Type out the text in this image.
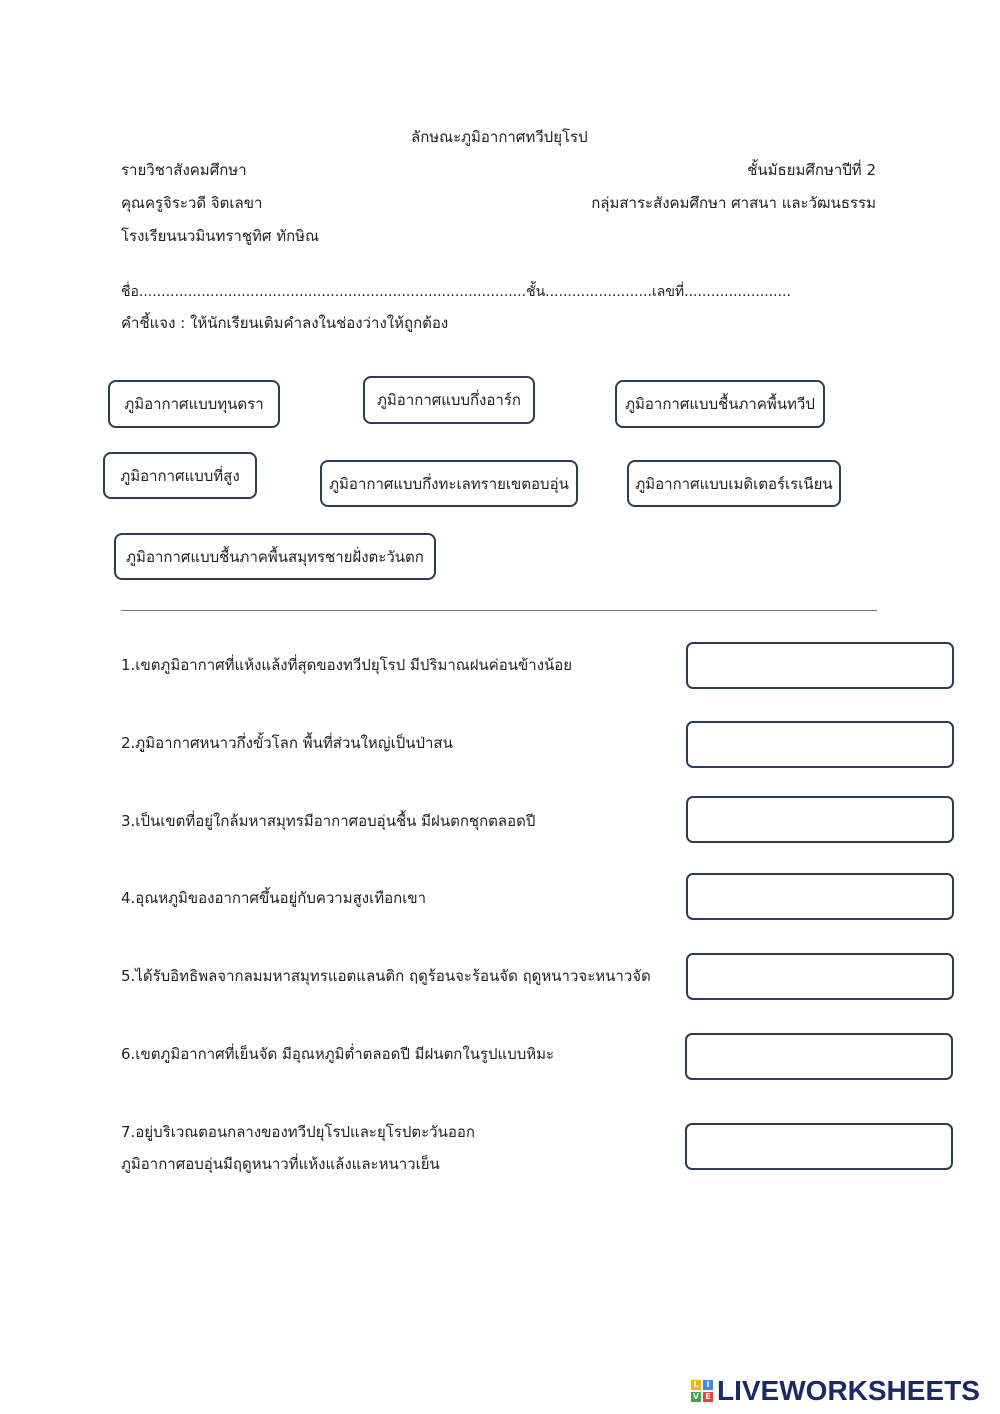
ลักษณะภูมิอากาศทวีปยุโรป
รายวิชาสังคมศึกษา	ชั้นมัธยมศึกษาปีที่ 2
คุณครูจิระวดี จิตเลขา	กลุ่มสาระสังคมศึกษา ศาสนา และวัฒนธรรม
โรงเรียนนวมินทราชูทิศ ทักษิณ
ชื่อ.......................................................................................ชั้น........................เลขที่........................
คำชี้แจง : ให้นักเรียนเติมคำลงในช่องว่างให้ถูกต้อง
ภูมิอากาศแบบทุนดรา	ภูมิอากาศแบบกึ่งอาร์ก	ภูมิอากาศแบบชื้นภาคพื้นทวีป
ภูมิอากาศแบบที่สูง	ภูมิอากาศแบบกึ่งทะเลทรายเขตอบอุ่น	ภูมิอากาศแบบเมดิเตอร์เรเนียน
ภูมิอากาศแบบชื้นภาคพื้นสมุทรชายฝั่งตะวันตก
1.เขตภูมิอากาศที่แห้งแล้งที่สุดของทวีปยุโรป มีปริมาณฝนค่อนข้างน้อย
2.ภูมิอากาศหนาวกึ่งขั้วโลก พื้นที่ส่วนใหญ่เป็นป่าสน
3.เป็นเขตที่อยู่ใกล้มหาสมุทรมีอากาศอบอุ่นชื้น มีฝนตกชุกตลอดปี
4.อุณหภูมิของอากาศขึ้นอยู่กับความสูงเทือกเขา
5.ได้รับอิทธิพลจากลมมหาสมุทรแอตแลนติก ฤดูร้อนจะร้อนจัด ฤดูหนาวจะหนาวจัด
6.เขตภูมิอากาศที่เย็นจัด มีอุณหภูมิต่ำตลอดปี มีฝนตกในรูปแบบหิมะ
7.อยู่บริเวณตอนกลางของทวีปยุโรปและยุโรปตะวันออก
ภูมิอากาศอบอุ่นมีฤดูหนาวที่แห้งแล้งและหนาวเย็น
L I
V E LIVEWORKSHEETS
